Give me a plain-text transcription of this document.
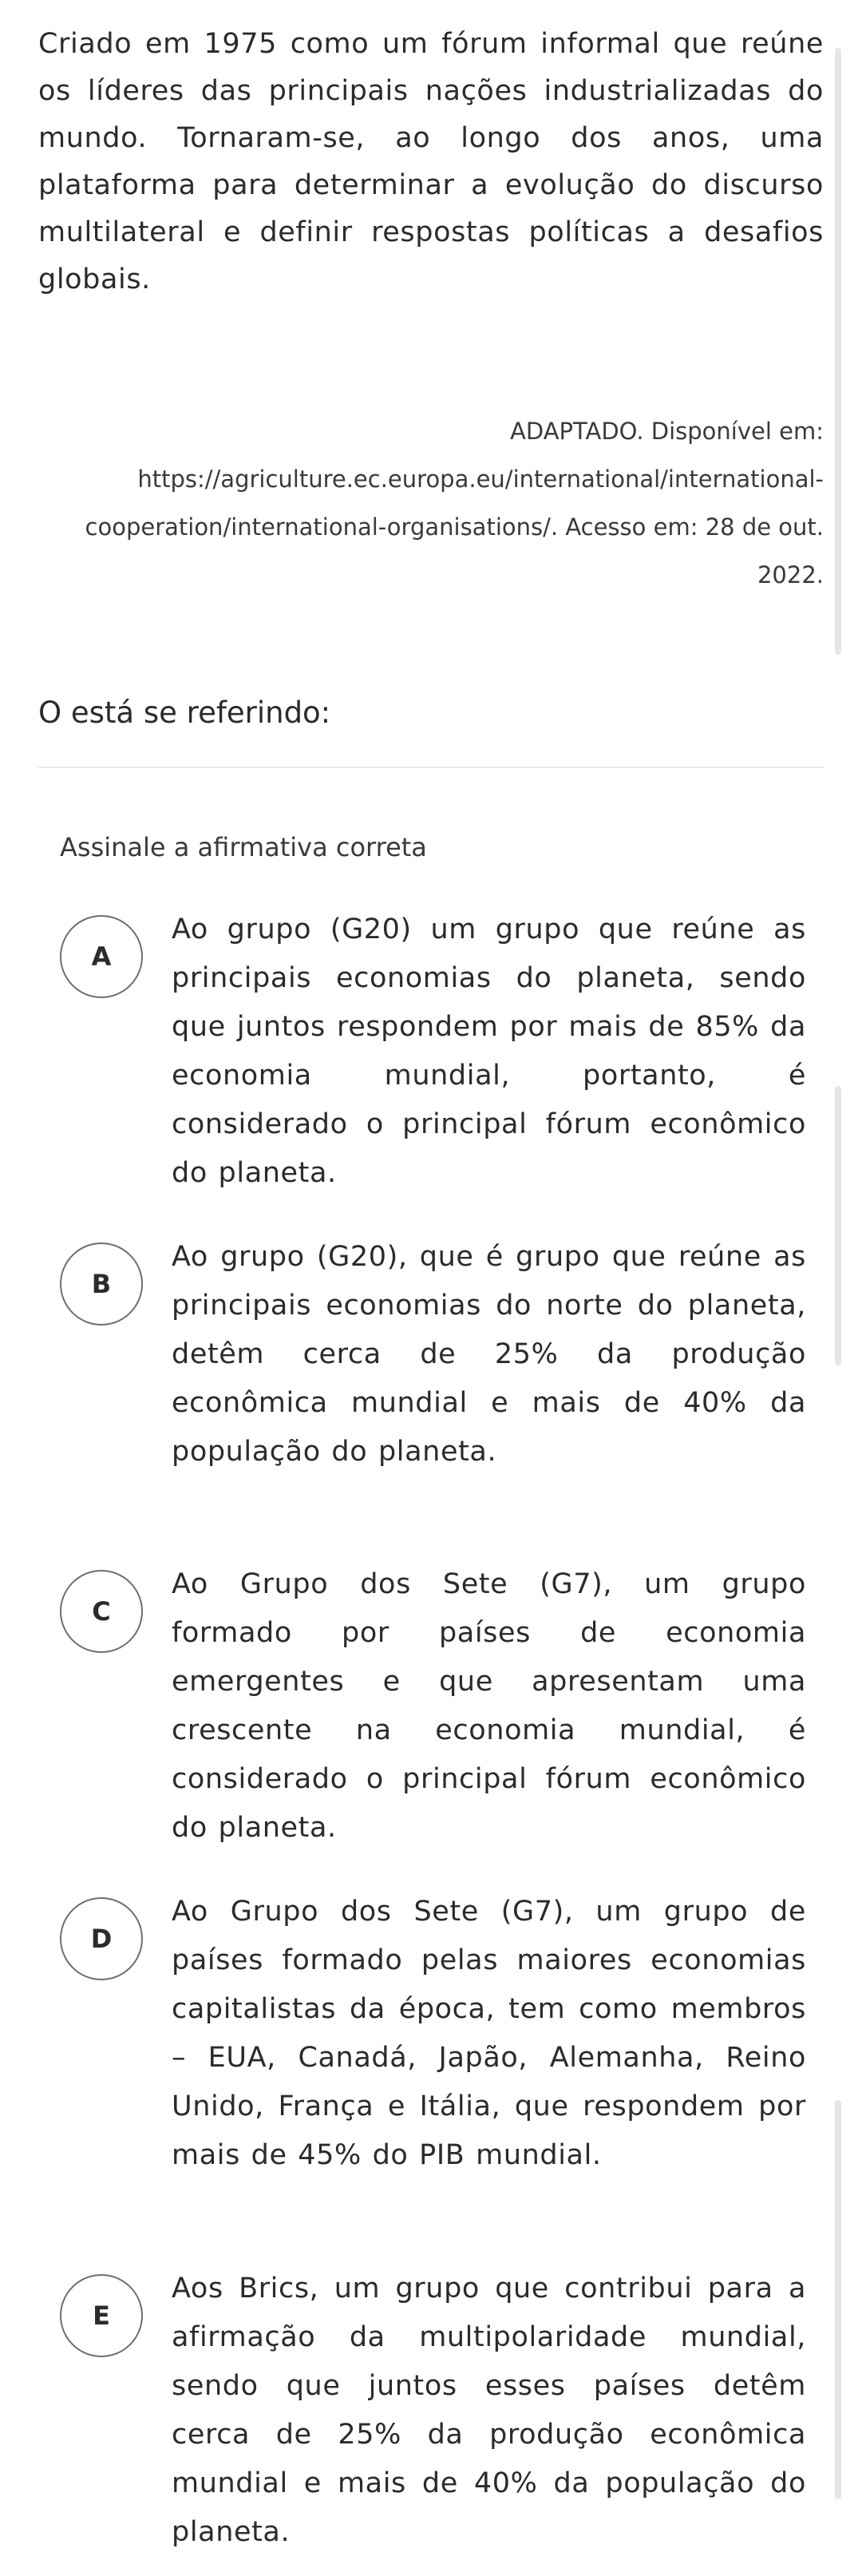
Criado em 1975 como um fórum informal que reúne os líderes das principais nações industrializadas do mundo. Tornaram-se, ao longo dos anos, uma plataforma para determinar a evolução do discurso multilateral e definir respostas políticas a desafios globais.
ADAPTADO. Disponível em: https://agriculture.ec.europa.eu/international/international-cooperation/international-organisations/. Acesso em: 28 de out. 2022.
O está se referindo:
Assinale a afirmativa correta
A
Ao grupo (G20) um grupo que reúne as principais economias do planeta, sendo que juntos respondem por mais de 85% da economia mundial, portanto, é considerado o principal fórum econômico do planeta.
B
Ao grupo (G20), que é grupo que reúne as principais economias do norte do planeta, detêm cerca de 25% da produção econômica mundial e mais de 40% da população do planeta.
C
Ao Grupo dos Sete (G7), um grupo formado por países de economia emergentes e que apresentam uma crescente na economia mundial, é considerado o principal fórum econômico do planeta.
D
Ao Grupo dos Sete (G7), um grupo de países formado pelas maiores economias capitalistas da época, tem como membros – EUA, Canadá, Japão, Alemanha, Reino Unido, França e Itália, que respondem por mais de 45% do PIB mundial.
E
Aos Brics, um grupo que contribui para a afirmação da multipolaridade mundial, sendo que juntos esses países detêm cerca de 25% da produção econômica mundial e mais de 40% da população do planeta.
